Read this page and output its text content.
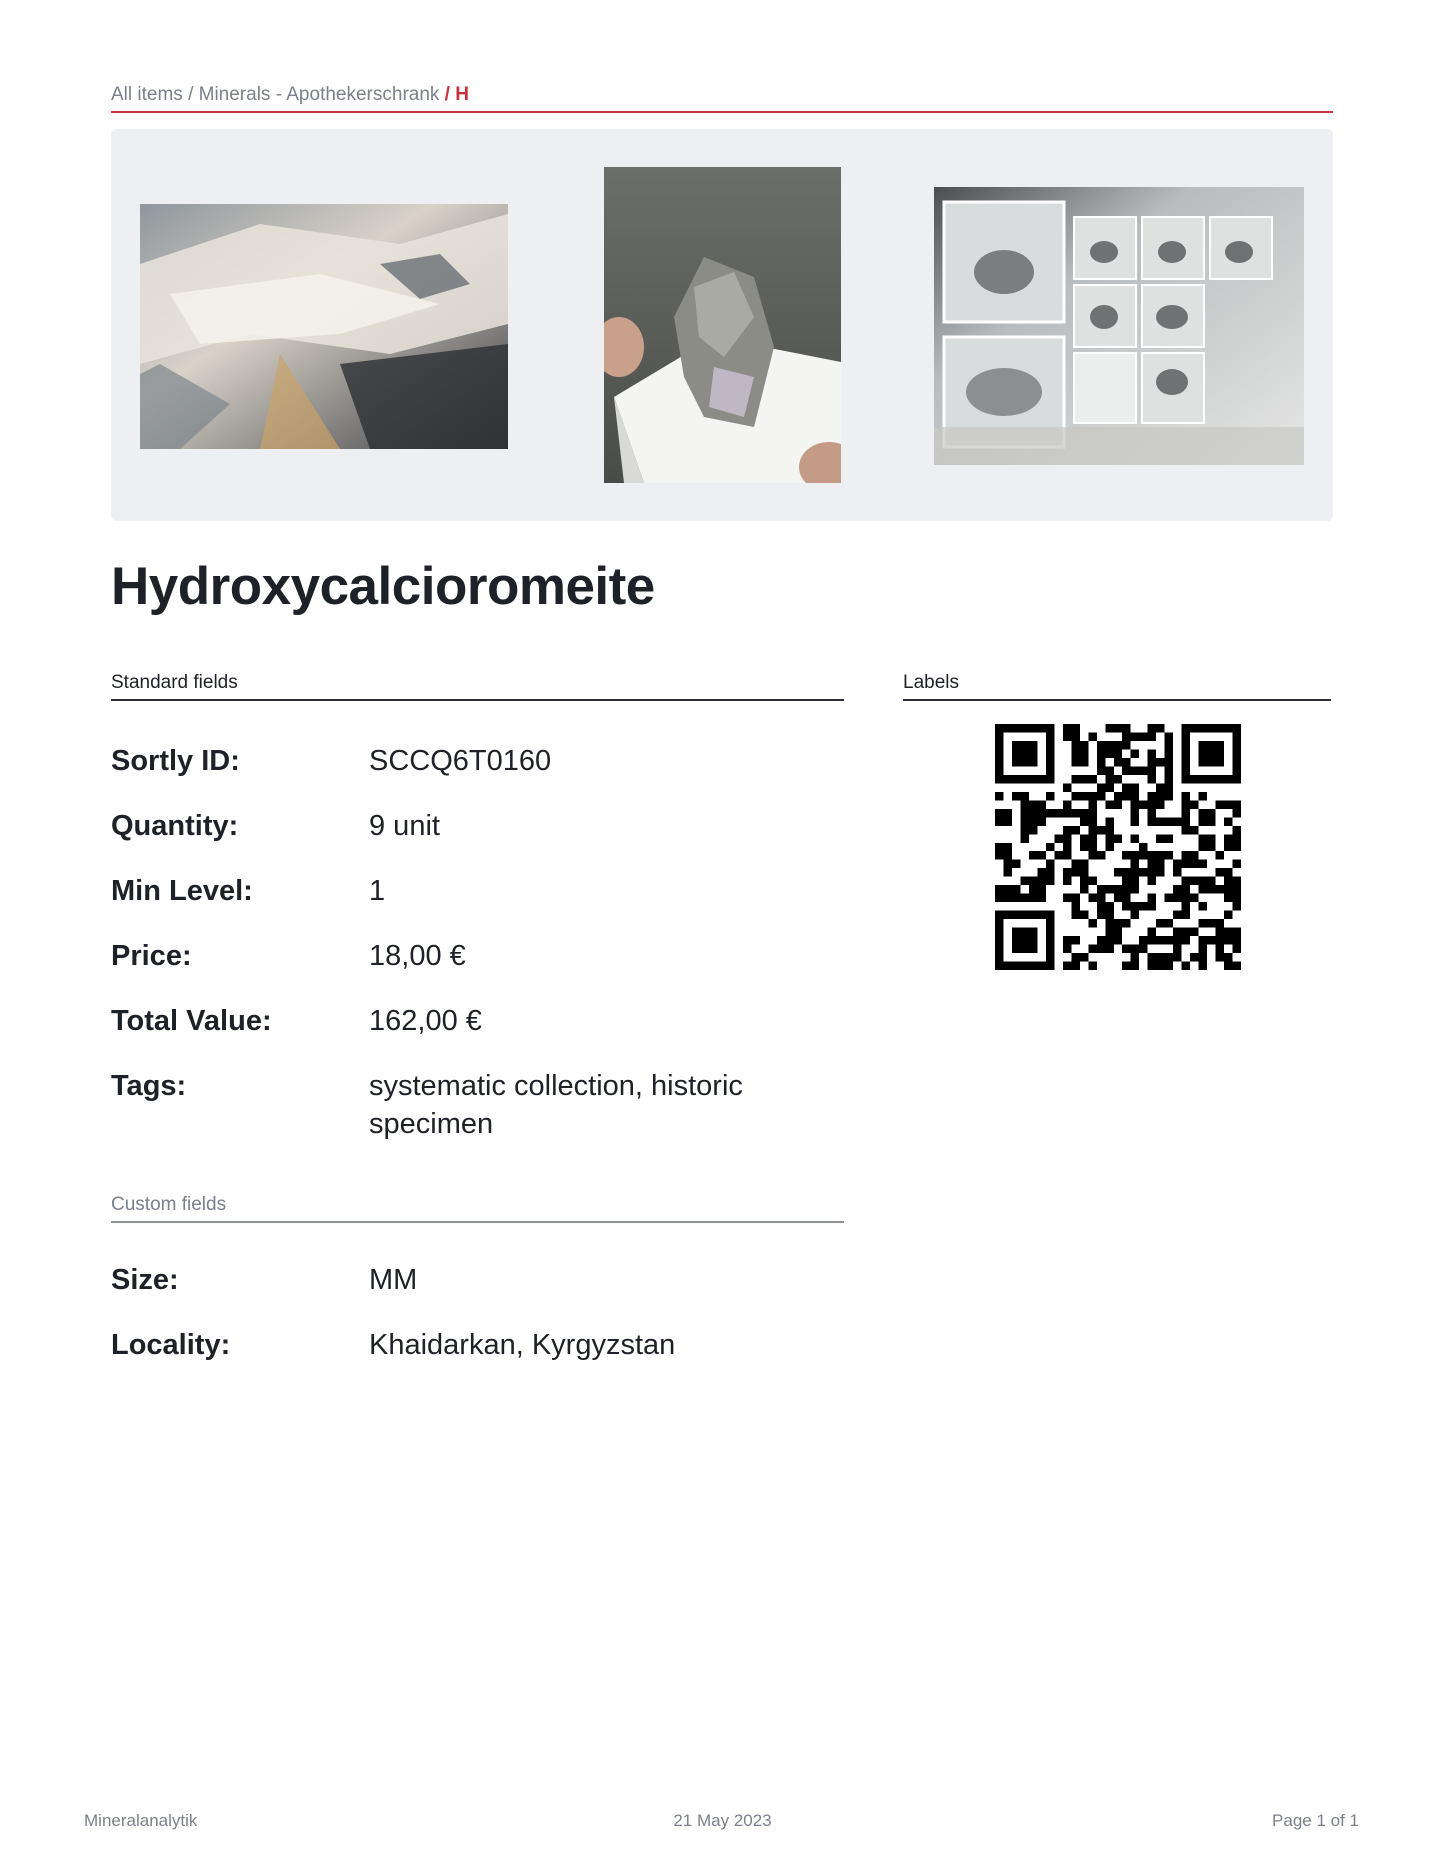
All items / Minerals - Apothekerschrank / H
Hydroxycalcioromeite
Standard fields	Labels
Sortly ID:	SCCQ6T0160
Quantity:	9 unit
Min Level:	1
Price:	18,00 €
Total Value:	162,00 €
Tags:	systematic collection, historic specimen
Custom fields
Size:	MM
Locality:	Khaidarkan, Kyrgyzstan
Mineralanalytik	21 May 2023	Page 1 of 1
